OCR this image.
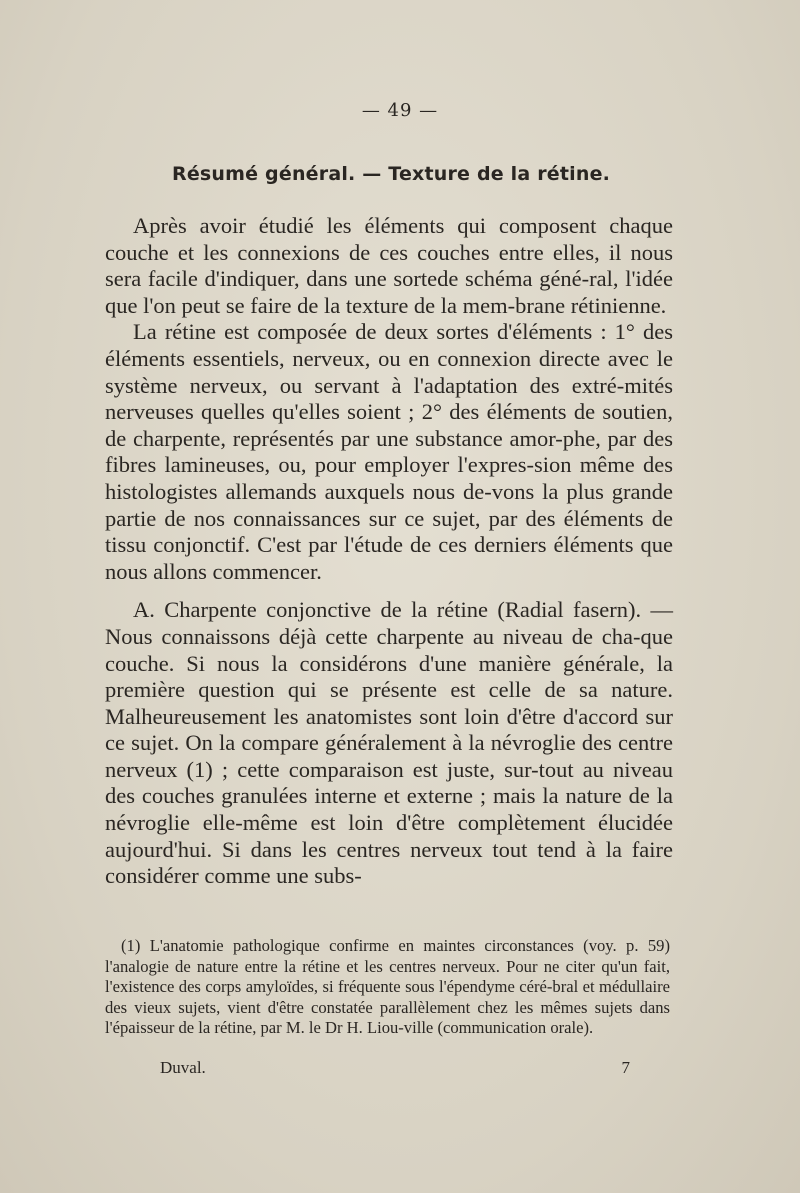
— 49 —
Résumé général. — Texture de la rétine.

Après avoir étudié les éléments qui composent chaque couche et les connexions de ces couches entre elles, il nous sera facile d'indiquer, dans une sortede schéma géné-ral, l'idée que l'on peut se faire de la texture de la mem-brane rétinienne.

La rétine est composée de deux sortes d'éléments : 1° des éléments essentiels, nerveux, ou en connexion directe avec le système nerveux, ou servant à l'adaptation des extré-mités nerveuses quelles qu'elles soient ; 2° des éléments de soutien, de charpente, représentés par une substance amor-phe, par des fibres lamineuses, ou, pour employer l'expres-sion même des histologistes allemands auxquels nous de-vons la plus grande partie de nos connaissances sur ce sujet, par des éléments de tissu conjonctif. C'est par l'étude de ces derniers éléments que nous allons commencer.

A. Charpente conjonctive de la rétine (Radial fasern). — Nous connaissons déjà cette charpente au niveau de cha-que couche. Si nous la considérons d'une manière générale, la première question qui se présente est celle de sa nature. Malheureusement les anatomistes sont loin d'être d'accord sur ce sujet. On la compare généralement à la névroglie des centre nerveux (1) ; cette comparaison est juste, sur-tout au niveau des couches granulées interne et externe ; mais la nature de la névroglie elle-même est loin d'être complètement élucidée aujourd'hui. Si dans les centres nerveux tout tend à la faire considérer comme une subs-

(1) L'anatomie pathologique confirme en maintes circonstances (voy. p. 59) l'analogie de nature entre la rétine et les centres nerveux. Pour ne citer qu'un fait, l'existence des corps amyloïdes, si fréquente sous l'épendyme céré-bral et médullaire des vieux sujets, vient d'être constatée parallèlement chez les mêmes sujets dans l'épaisseur de la rétine, par M. le Dr H. Liou-ville (communication orale).

Duval.	7
